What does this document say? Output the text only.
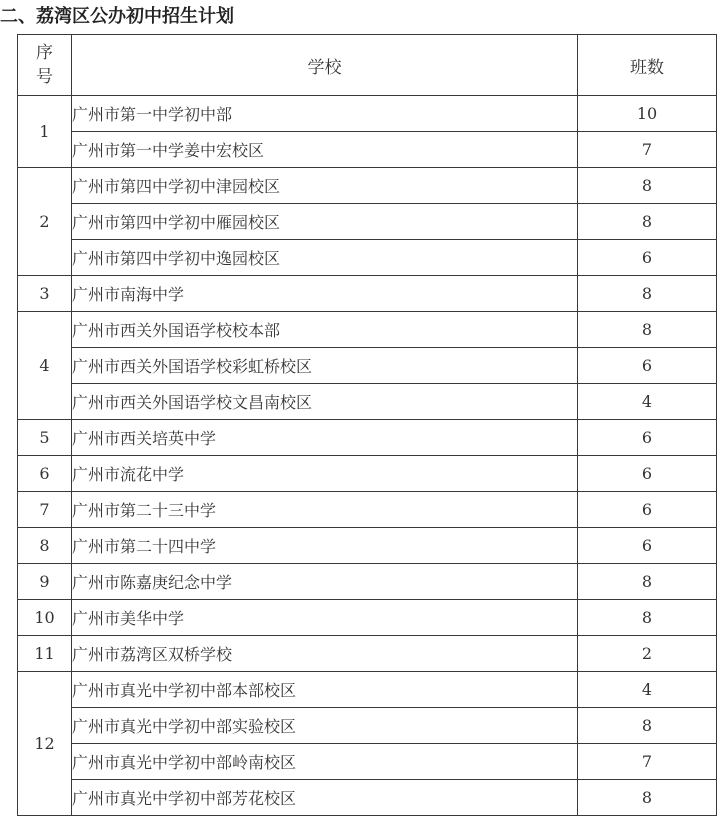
二、荔湾区公办初中招生计划
序
号	学校	班数
1	广州市第一中学初中部	10
	广州市第一中学姜中宏校区	7
2	广州市第四中学初中津园校区	8
	广州市第四中学初中雁园校区	8
	广州市第四中学初中逸园校区	6
3	广州市南海中学	8
4	广州市西关外国语学校校本部	8
	广州市西关外国语学校彩虹桥校区	6
	广州市西关外国语学校文昌南校区	4
5	广州市西关培英中学	6
6	广州市流花中学	6
7	广州市第二十三中学	6
8	广州市第二十四中学	6
9	广州市陈嘉庚纪念中学	8
10	广州市美华中学	8
11	广州市荔湾区双桥学校	2
12	广州市真光中学初中部本部校区	4
	广州市真光中学初中部实验校区	8
	广州市真光中学初中部岭南校区	7
	广州市真光中学初中部芳花校区	8
